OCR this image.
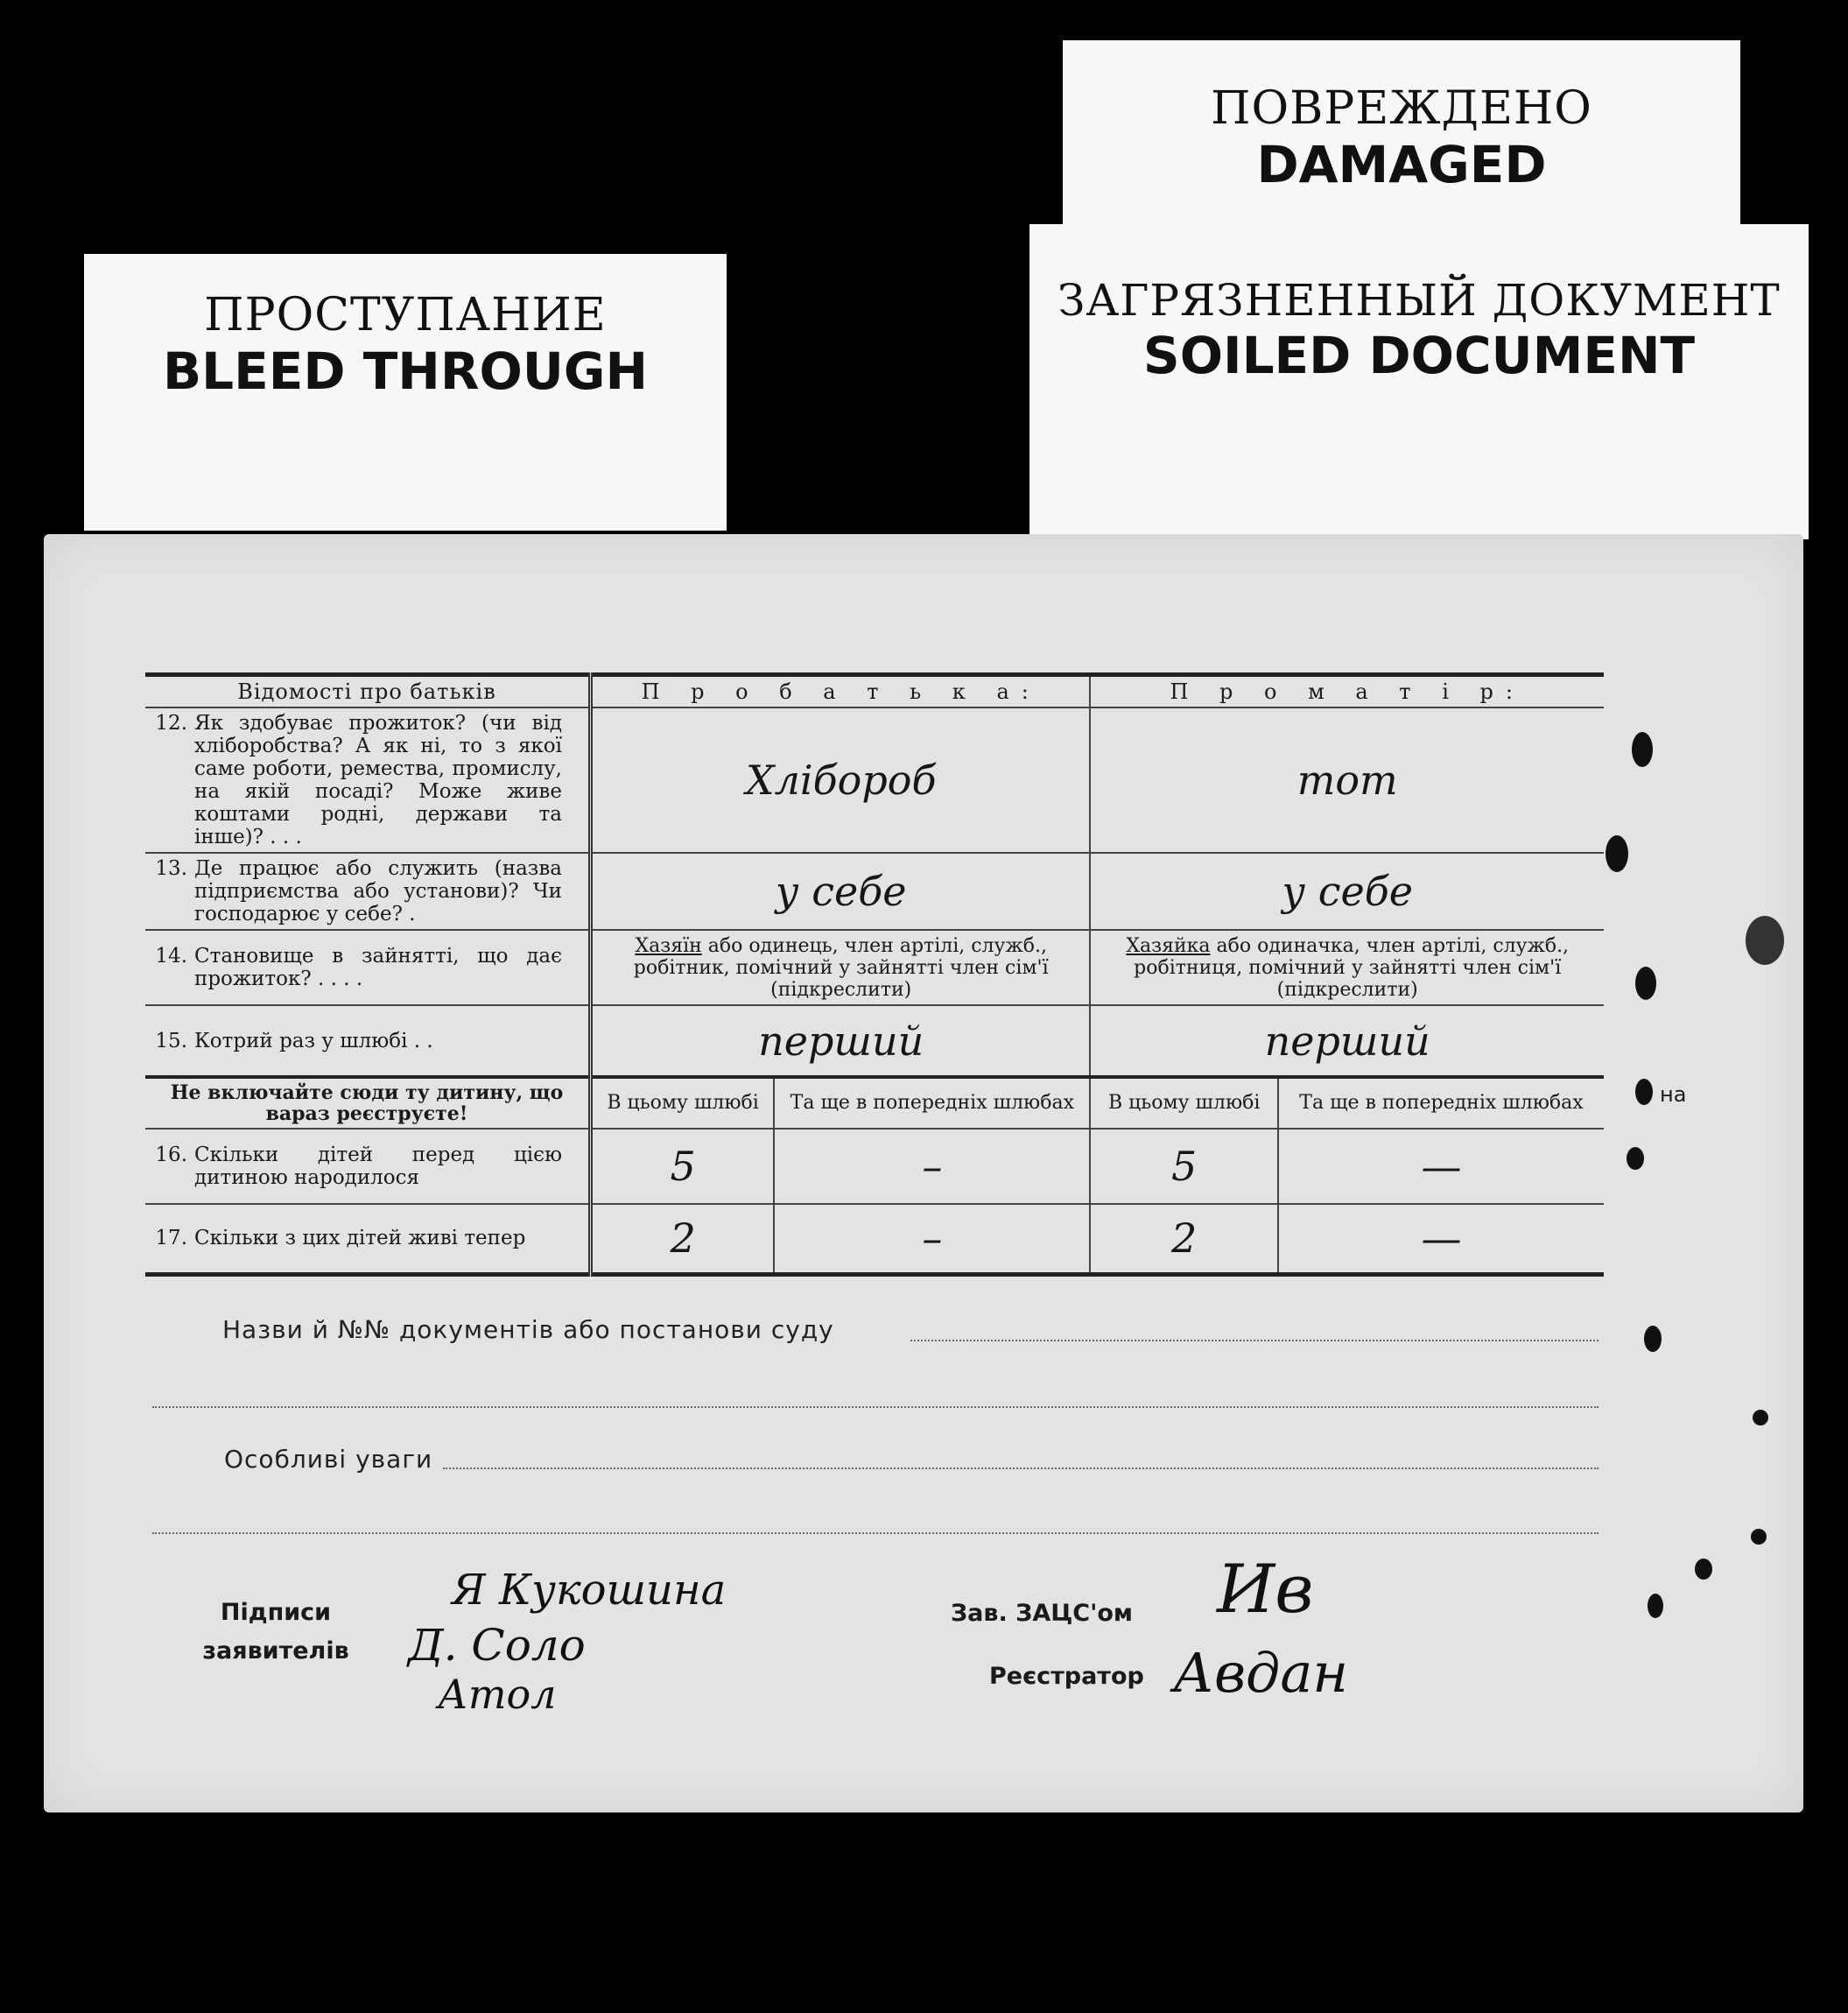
ПРОСТУПАНИЕ
BLEED THROUGH
ПОВРЕЖДЕНО
DAMAGED
ЗАГРЯЗНЕННЫЙ ДОКУМЕНТ
SOILED DOCUMENT
Відомості про батьків	П р о б а т ь к а:		П р о м а т і р:	
12. Як здобуває прожиток? (чи від хліборобства? А як ні, то з якої саме роботи, ремества, промислу, на якій посаді? Може живе коштами родні, держави та інше)? . . .	Хлібороб		тот	
13. Де працює або служить (назва підприємства або установи)? Чи господарює у себе? .	у себе		у себе	
14. Становище в зайнятті, що дає прожиток? . . . .	Хазяїн або одинець, член артілі, служб., робітник, помічний у зайнятті член сім'ї (підкреслити)		Хазяйка або одиначка, член артілі, служб., робітниця, помічний у зайнятті член сім'ї (підкреслити)	
15. Котрий раз у шлюбі . .	перший		перший	
Не включайте сюди ту дитину, що вараз реєструєте!	В цьому шлюбі	Та ще в попередніх шлюбах	В цьому шлюбі	Та ще в попередніх шлюбах
16. Скільки дітей перед цією дитиною народилося	5	–	5	—
17. Скільки з цих дітей живі тепер	2	–	2	—
Назви й №№ документів або постанови суду
Особливі уваги
Підписи заявителів
Я Кукошина
Д. Соло
Атол
Зав. ЗАЦС'ом Ив
Реєстратор Авдан
на
